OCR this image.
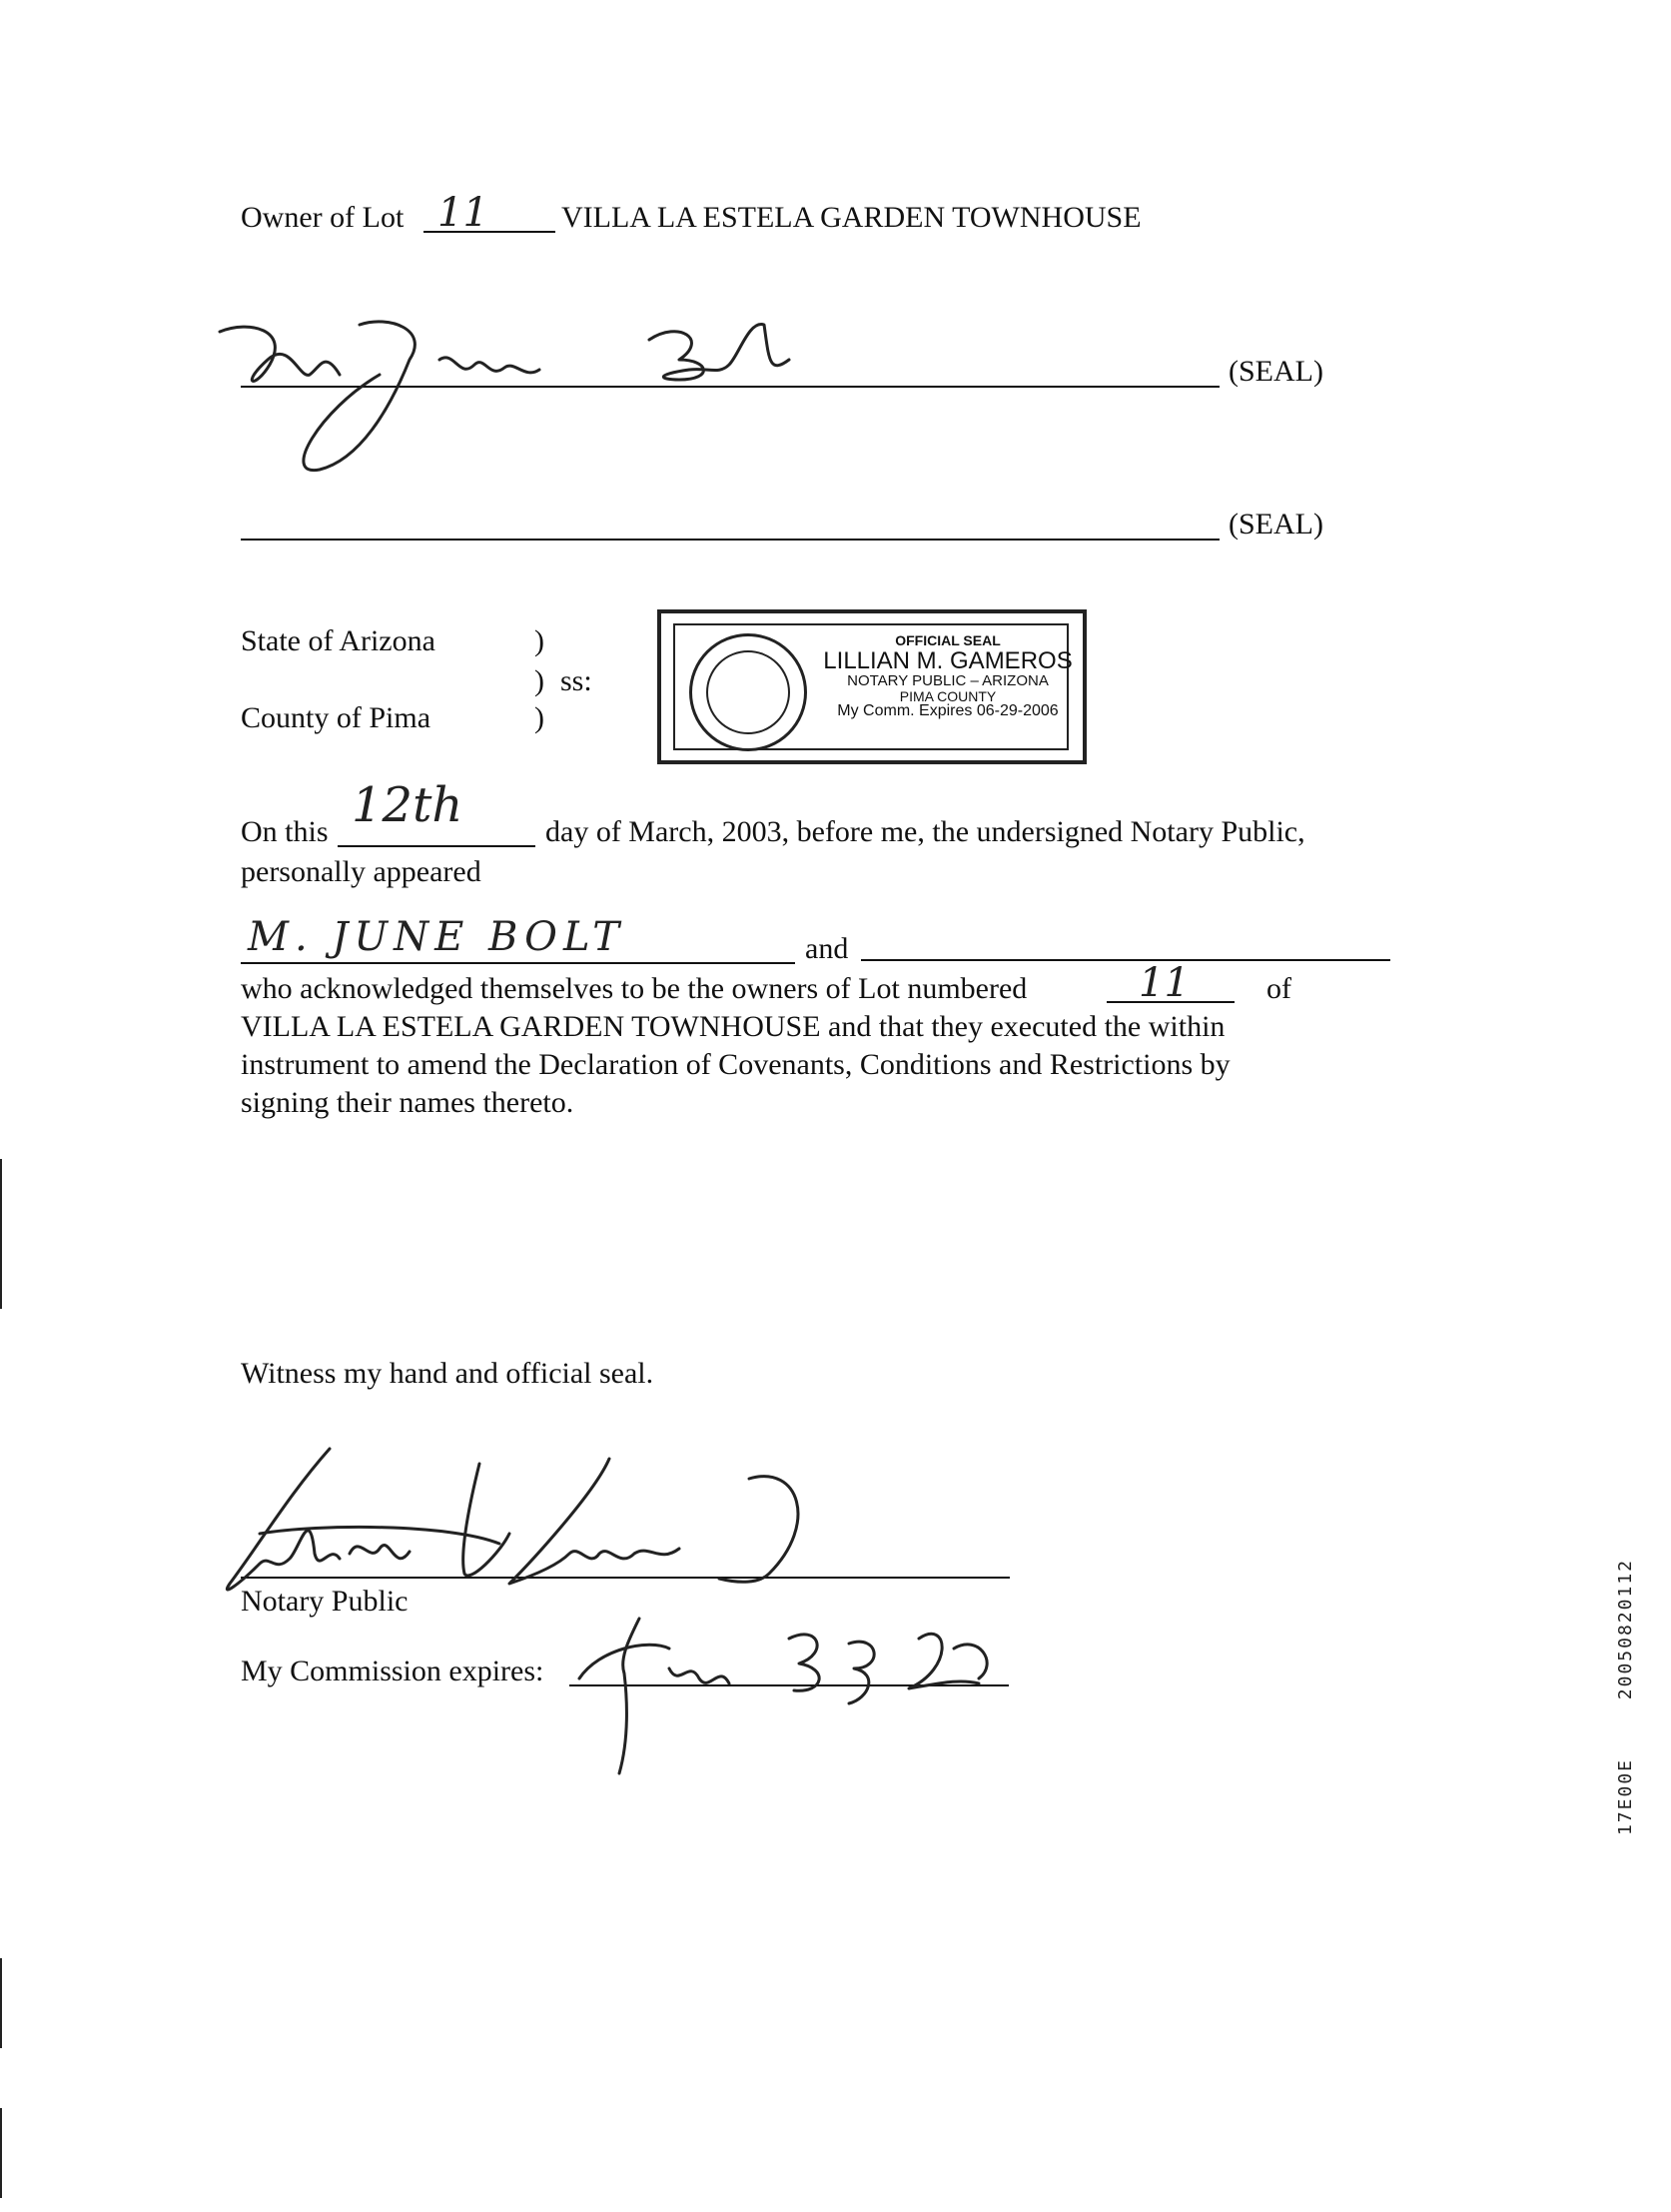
Owner of Lot 11 VILLA LA ESTELA GARDEN TOWNHOUSE
(SEAL)
(SEAL)
State of Arizona	)
) ss:
County of Pima	)
OFFICIAL SEAL
LILLIAN M. GAMEROS
NOTARY PUBLIC – ARIZONA
PIMA COUNTY
My Comm. Expires 06-29-2006
On this 12th	day of March, 2003, before me, the undersigned Notary Public,
personally appeared
M. JUNE BOLT	and
who acknowledged themselves to be the owners of Lot numbered	11	of
VILLA LA ESTELA GARDEN TOWNHOUSE and that they executed the within
instrument to amend the Declaration of Covenants, Conditions and Restrictions by
signing their names thereto.
Witness my hand and official seal.
Notary Public
My Commission expires:	20050820112
17E00E
